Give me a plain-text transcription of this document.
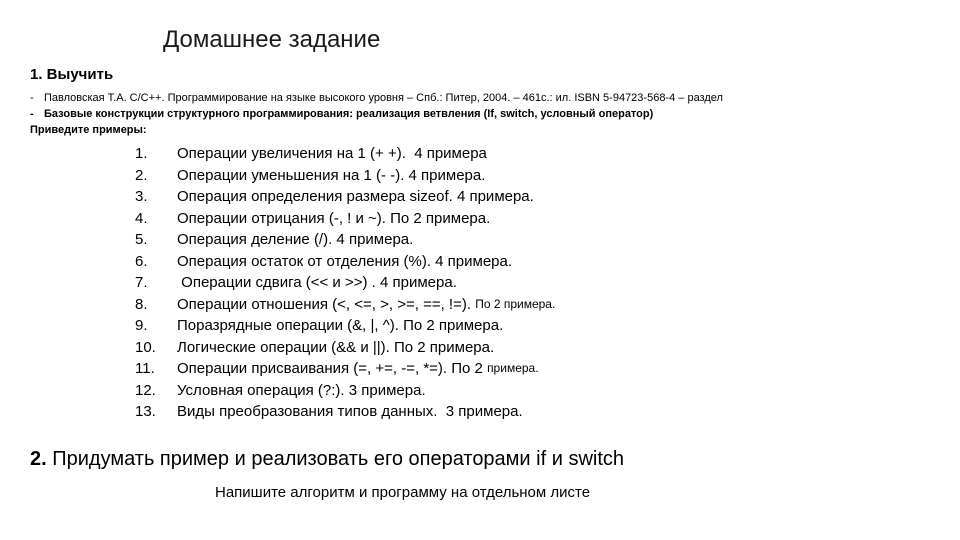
Домашнее задание
1. Выучить
- Павловская Т.А. С/С++. Программирование на языке высокого уровня – Спб.: Питер, 2004. – 461с.: ил. ISBN 5-94723-568-4 – раздел
- Базовые конструкции структурного программирования: реализация ветвления (If, switch, условный оператор)
Приведите примеры:
1.	Операции увеличения на 1 (+ +).  4 примера
2.	Операции уменьшения на 1 (- -). 4 примера.
3.	Операция определения размера sizeof. 4 примера.
4.	Операции отрицания (-, ! и ~). По 2 примера.
5.	Операция деление (/). 4 примера.
6.	Операция остаток от отделения (%). 4 примера.
7.	Операции сдвига (<< и >>) . 4 примера.
8.	Операции отношения (<, <=, >, >=, ==, !=). По 2 примера.
9.	Поразрядные операции (&, |, ^). По 2 примера.
10.	Логические операции (&& и ||). По 2 примера.
11.	Операции присваивания (=, +=, -=, *=). По 2 примера.
12.	Условная операция (?:). 3 примера.
13.	Виды преобразования типов данных.  3 примера.
2. Придумать пример и реализовать его операторами if и switch
Напишите алгоритм и программу на отдельном листе
